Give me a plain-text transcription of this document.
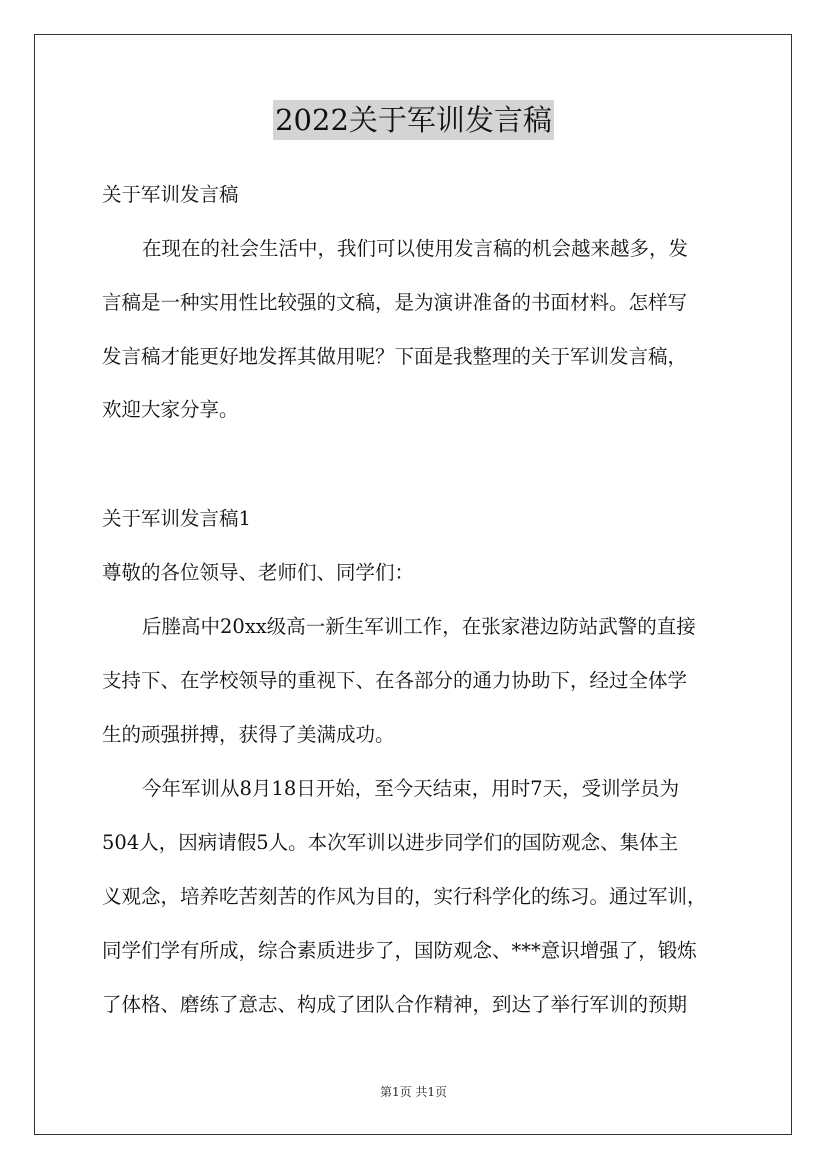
2022关于军训发言稿
关于军训发言稿
在现在的社会生活中，我们可以使用发言稿的机会越来越多，发
言稿是一种实用性比较强的文稿，是为演讲准备的书面材料。怎样写
发言稿才能更好地发挥其做用呢？下面是我整理的关于军训发言稿，
欢迎大家分享。
关于军训发言稿1
尊敬的各位领导、老师们、同学们：
后塍高中20xx级高一新生军训工作，在张家港边防站武警的直接
支持下、在学校领导的重视下、在各部分的通力协助下，经过全体学
生的顽强拼搏，获得了美满成功。
今年军训从8月18日开始，至今天结束，用时7天，受训学员为
504人，因病请假5人。本次军训以进步同学们的国防观念、集体主
义观念，培养吃苦刻苦的作风为目的，实行科学化的练习。通过军训，
同学们学有所成，综合素质进步了，国防观念、***意识增强了，锻炼
了体格、磨练了意志、构成了团队合作精神，到达了举行军训的预期
第1页 共1页
